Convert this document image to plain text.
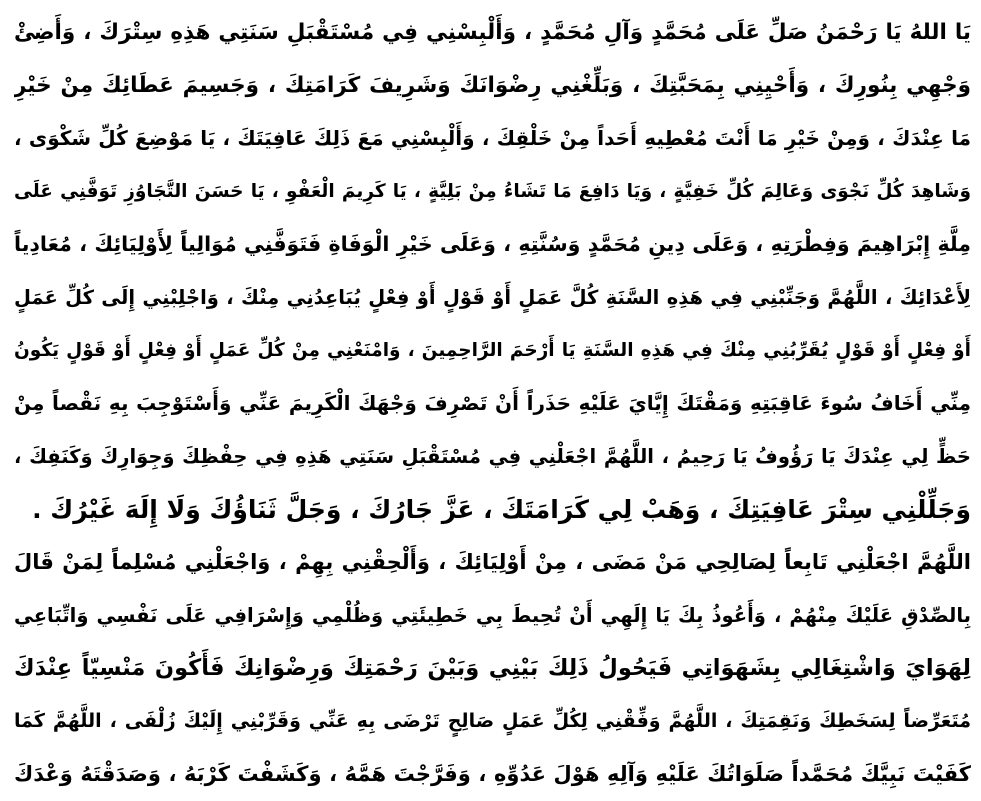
يَا اللهُ يَا رَحْمَنُ صَلِّ عَلَى مُحَمَّدٍ وَآلِ مُحَمَّدٍ ، وَأَلْبِسْنِي فِي مُسْتَقْبَلِ سَنَتِي هَذِهِ سِتْرَكَ ، وَأَضِئْ
وَجْهِي بِنُورِكَ ، وَأَحْيِنِي بِمَحَبَّتِكَ ، وَبَلِّغْنِي رِضْوَانَكَ وَشَرِيفَ كَرَامَتِكَ ، وَجَسِيمَ عَطَائِكَ مِنْ خَيْرِ
مَا عِنْدَكَ ، وَمِنْ خَيْرِ مَا أَنْتَ مُعْطِيهِ أَحَداً مِنْ خَلْقِكَ ، وَأَلْبِسْنِي مَعَ ذَلِكَ عَافِيَتَكَ ، يَا مَوْضِعَ كُلِّ شَكْوَى ،
وَشَاهِدَ كُلِّ نَجْوَى وَعَالِمَ كُلِّ خَفِيَّةٍ ، وَيَا دَافِعَ مَا تَشَاءُ مِنْ بَلِيَّةٍ ، يَا كَرِيمَ الْعَفْوِ ، يَا حَسَنَ التَّجَاوُزِ تَوَفَّنِي عَلَى
مِلَّةِ إِبْرَاهِيمَ وَفِطْرَتِهِ ، وَعَلَى دِينِ مُحَمَّدٍ وَسُنَّتِهِ ، وَعَلَى خَيْرِ الْوَفَاةِ فَتَوَفَّنِي مُوَالِياً لِأَوْلِيَائِكَ ، مُعَادِياً
لِأَعْدَائِكَ ، اللَّهُمَّ وَجَنِّبْنِي فِي هَذِهِ السَّنَةِ كُلَّ عَمَلٍ أَوْ قَوْلٍ أَوْ فِعْلٍ يُبَاعِدُنِي مِنْكَ ، وَاجْلِبْنِي إِلَى كُلِّ عَمَلٍ
أَوْ فِعْلٍ أَوْ قَوْلٍ يُقَرِّبُنِي مِنْكَ فِي هَذِهِ السَّنَةِ يَا أَرْحَمَ الرَّاحِمِينَ ، وَامْنَعْنِي مِنْ كُلِّ عَمَلٍ أَوْ فِعْلٍ أَوْ قَوْلٍ يَكُونُ
مِنِّي أَخَافُ سُوءَ عَاقِبَتِهِ وَمَقْتَكَ إِيَّايَ عَلَيْهِ حَذَراً أَنْ تَصْرِفَ وَجْهَكَ الْكَرِيمَ عَنِّي وَأَسْتَوْجِبَ بِهِ نَقْصاً مِنْ
حَظٍّ لِي عِنْدَكَ يَا رَؤُوفُ يَا رَحِيمُ ، اللَّهُمَّ اجْعَلْنِي فِي مُسْتَقْبَلِ سَنَتِي هَذِهِ فِي حِفْظِكَ وَجِوَارِكَ وَكَنَفِكَ ،
وَجَلِّلْنِي سِتْرَ عَافِيَتِكَ ، وَهَبْ لِي كَرَامَتَكَ ، عَزَّ جَارُكَ ، وَجَلَّ ثَنَاؤُكَ وَلَا إِلَهَ غَيْرُكَ .
اللَّهُمَّ اجْعَلْنِي تَابِعاً لِصَالِحِي مَنْ مَضَى ، مِنْ أَوْلِيَائِكَ ، وَأَلْحِقْنِي بِهِمْ ، وَاجْعَلْنِي مُسْلِماً لِمَنْ قَالَ
بِالصِّدْقِ عَلَيْكَ مِنْهُمْ ، وَأَعُوذُ بِكَ يَا إِلَهِي أَنْ تُحِيطَ بِي خَطِيئَتِي وَظُلْمِي وَإِسْرَافِي عَلَى نَفْسِي وَاتِّبَاعِي
لِهَوَايَ وَاشْتِغَالِي بِشَهَوَاتِي فَيَحُولُ ذَلِكَ بَيْنِي وَبَيْنَ رَحْمَتِكَ وَرِضْوَانِكَ فَأَكُونَ مَنْسِيّاً عِنْدَكَ
مُتَعَرِّضاً لِسَخَطِكَ وَنَقِمَتِكَ ، اللَّهُمَّ وَفِّقْنِي لِكُلِّ عَمَلٍ صَالِحٍ تَرْضَى بِهِ عَنِّي وَقَرِّبْنِي إِلَيْكَ زُلْفَى ، اللَّهُمَّ كَمَا
كَفَيْتَ نَبِيَّكَ مُحَمَّداً صَلَوَاتُكَ عَلَيْهِ وَآلِهِ هَوْلَ عَدُوِّهِ ، وَفَرَّجْتَ هَمَّهُ ، وَكَشَفْتَ كَرْبَهُ ، وَصَدَقْتَهُ وَعْدَكَ
